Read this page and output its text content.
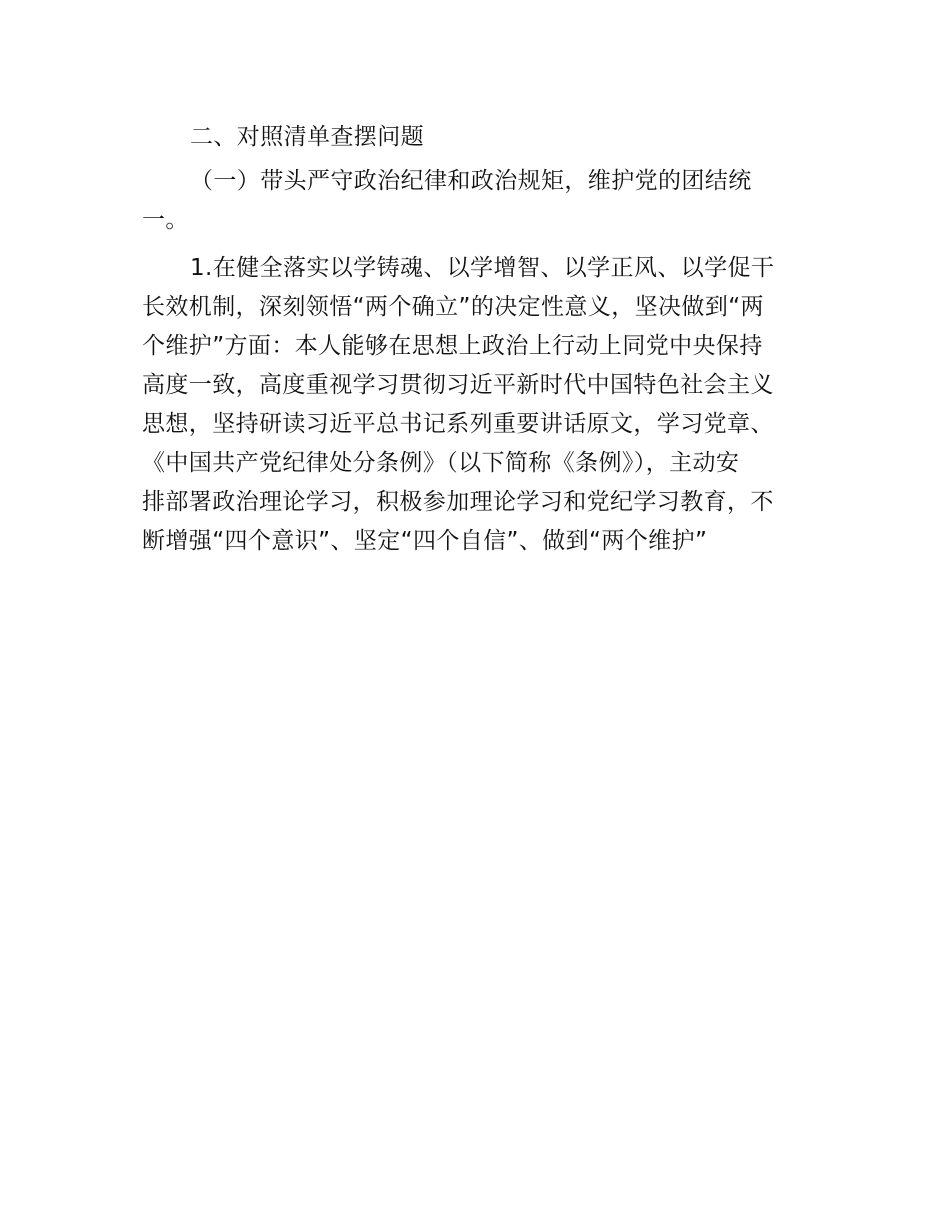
二、对照清单查摆问题
（一）带头严守政治纪律和政治规矩，维护党的团结统
一。
1.在健全落实以学铸魂、以学增智、以学正风、以学促干
长效机制，深刻领悟“两个确立”的决定性意义，坚决做到“两
个维护”方面：本人能够在思想上政治上行动上同党中央保持
高度一致，高度重视学习贯彻习近平新时代中国特色社会主义
思想，坚持研读习近平总书记系列重要讲话原文，学习党章、
《中国共产党纪律处分条例》（以下简称《条例》），主动安
排部署政治理论学习，积极参加理论学习和党纪学习教育，不
断增强“四个意识”、坚定“四个自信”、做到“两个维护”
